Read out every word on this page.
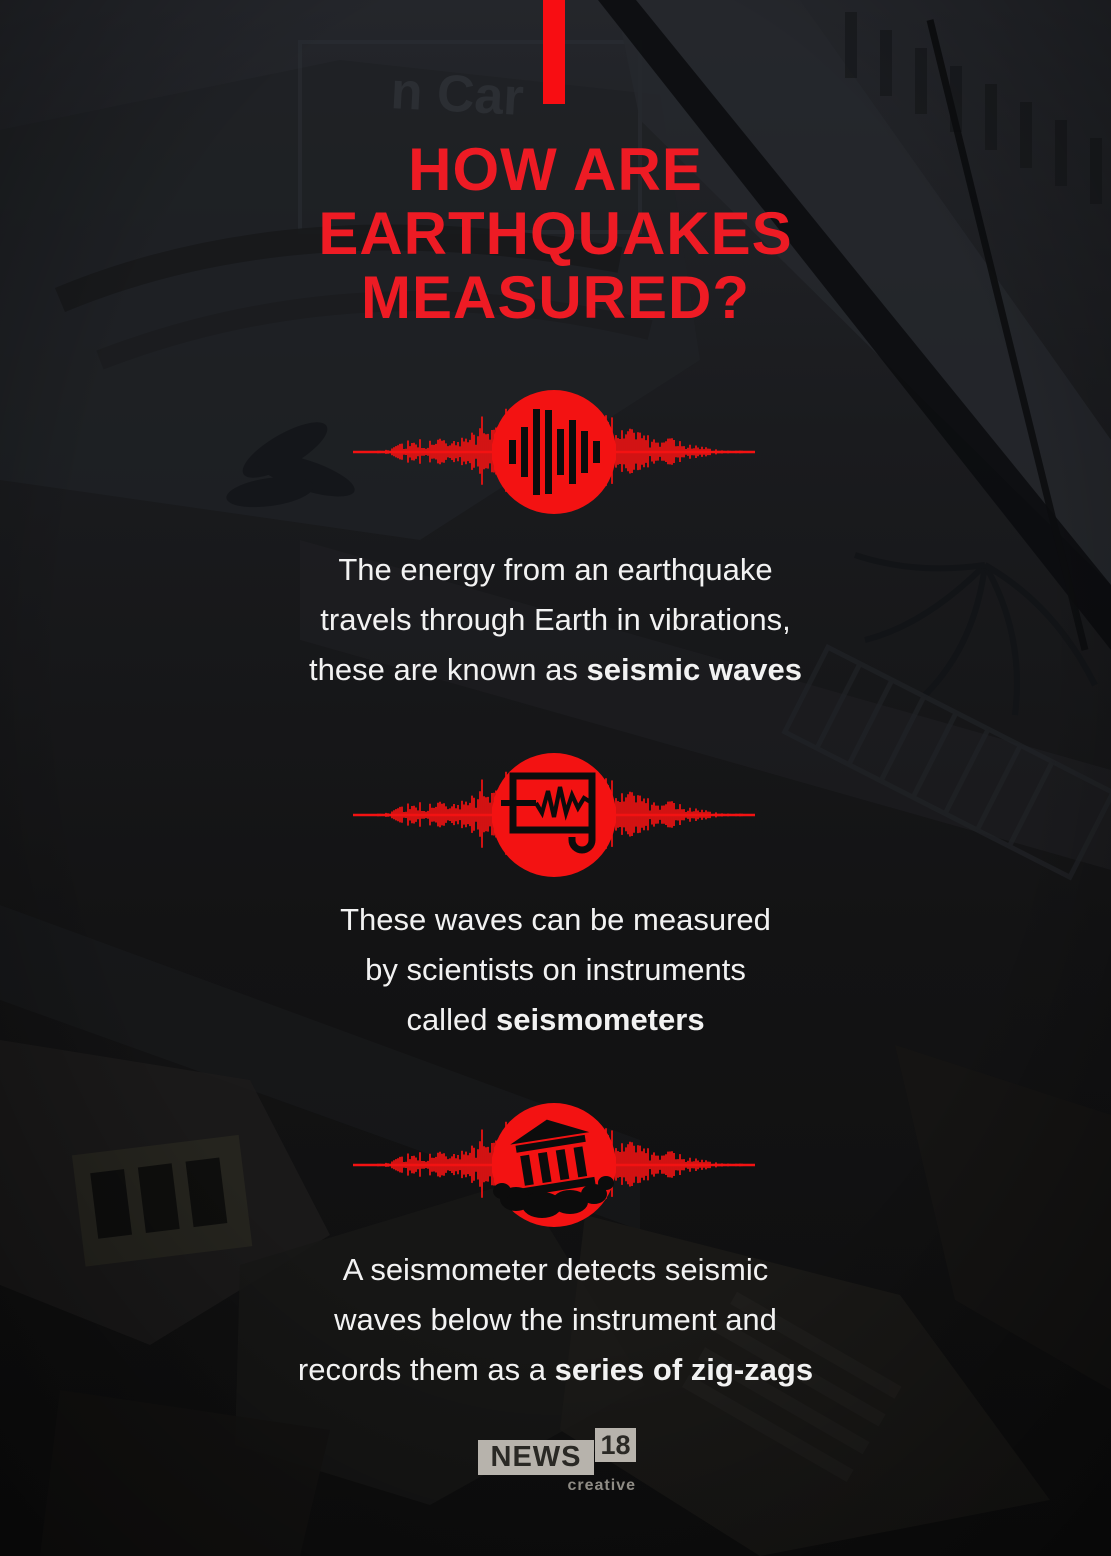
HOW ARE
EARTHQUAKES
MEASURED?

The energy from an earthquake
travels through Earth in vibrations,
these are known as seismic waves

These waves can be measured
by scientists on instruments
called seismometers

A seismometer detects seismic
waves below the instrument and
records them as a series of zig-zags

NEWS 18
creative
